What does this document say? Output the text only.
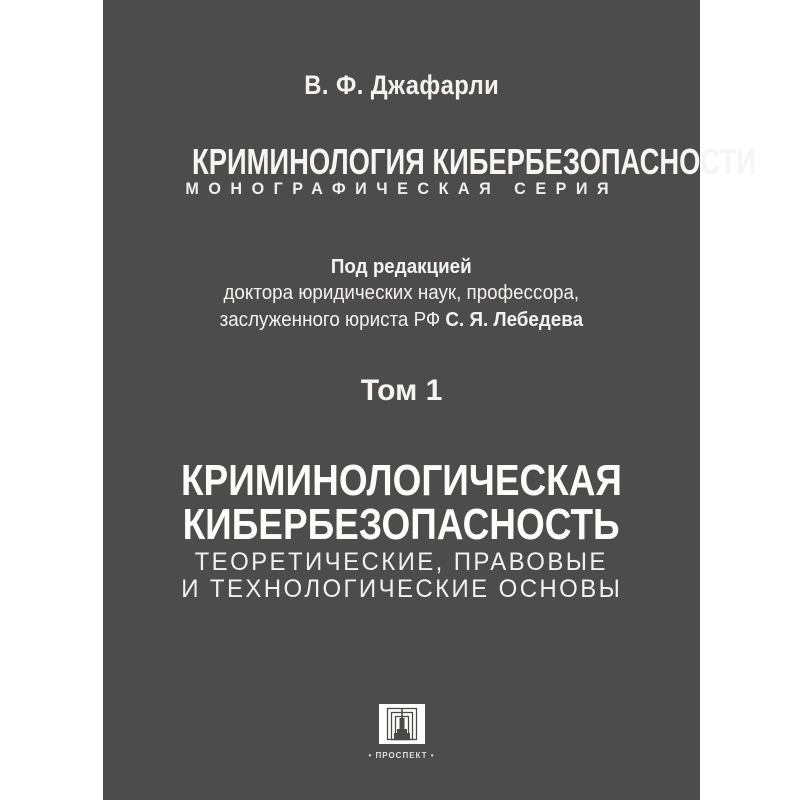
В. Ф. Джафарли
КРИМИНОЛОГИЯ КИБЕРБЕЗОПАСНОСТИ
МОНОГРАФИЧЕСКАЯ СЕРИЯ
Под редакцией
доктора юридических наук, профессора,
заслуженного юриста РФ С. Я. Лебедева
Том 1
КРИМИНОЛОГИЧЕСКАЯ
КИБЕРБЕЗОПАСНОСТЬ
ТЕОРЕТИЧЕСКИЕ, ПРАВОВЫЕ
И ТЕХНОЛОГИЧЕСКИЕ ОСНОВЫ
• ПРОСПЕКТ •
